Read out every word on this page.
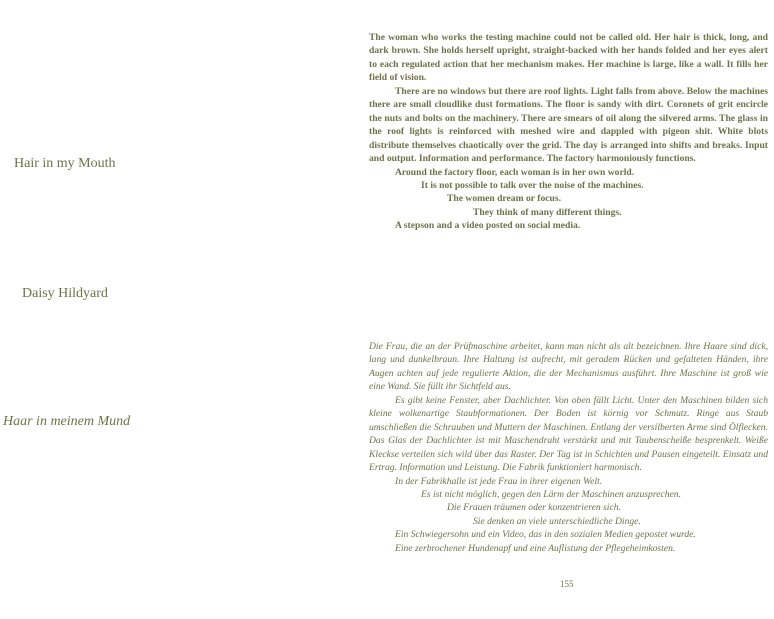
Hair in my Mouth
Daisy Hildyard
Haar in meinem Mund

The woman who works the testing machine could not be called old. Her hair is thick, long, and dark brown. She holds herself upright, straight-backed with her hands folded and her eyes alert to each regulated action that her mechanism makes. Her machine is large, like a wall. It fills her field of vision.

There are no windows but there are roof lights. Light falls from above. Below the machines there are small cloudlike dust formations. The floor is sandy with dirt. Coronets of grit encircle the nuts and bolts on the machinery. There are smears of oil along the silvered arms. The glass in the roof lights is reinforced with meshed wire and dappled with pigeon shit. White blots distribute themselves chaotically over the grid. The day is arranged into shifts and breaks. Input and output. Information and performance. The factory harmoniously functions.

Around the factory floor, each woman is in her own world.

It is not possible to talk over the noise of the machines.

The women dream or focus.

They think of many different things.

A stepson and a video posted on social media.

Die Frau, die an der Prüfmaschine arbeitet, kann man nicht als alt bezeichnen. Ihre Haare sind dick, lang und dunkelbraun. Ihre Haltung ist aufrecht, mit geradem Rücken und gefalteten Händen, ihre Augen achten auf jede regulierte Aktion, die der Mechanismus ausführt. Ihre Maschine ist groß wie eine Wand. Sie füllt ihr Sichtfeld aus.

Es gibt keine Fenster, aber Dachlichter. Von oben fällt Licht. Unter den Maschinen bilden sich kleine wolkenartige Staubformationen. Der Boden ist körnig vor Schmutz. Ringe aus Staub umschließen die Schrauben und Muttern der Maschinen. Entlang der versilberten Arme sind Ölflecken. Das Glas der Dachlichter ist mit Maschendraht verstärkt und mit Taubenscheiße besprenkelt. Weiße Kleckse verteilen sich wild über das Raster. Der Tag ist in Schichten und Pausen eingeteilt. Einsatz und Ertrag. Information und Leistung. Die Fabrik funktioniert harmonisch.

In der Fabrikhalle ist jede Frau in ihrer eigenen Welt.

Es ist nicht möglich, gegen den Lärm der Maschinen anzusprechen.

Die Frauen träumen oder konzentrieren sich.

Sie denken an viele unterschiedliche Dinge.

Ein Schwiegersohn und ein Video, das in den sozialen Medien gepostet wurde.

Eine zerbrochener Hundenapf und eine Auflistung der Pflegeheimkosten.

155
